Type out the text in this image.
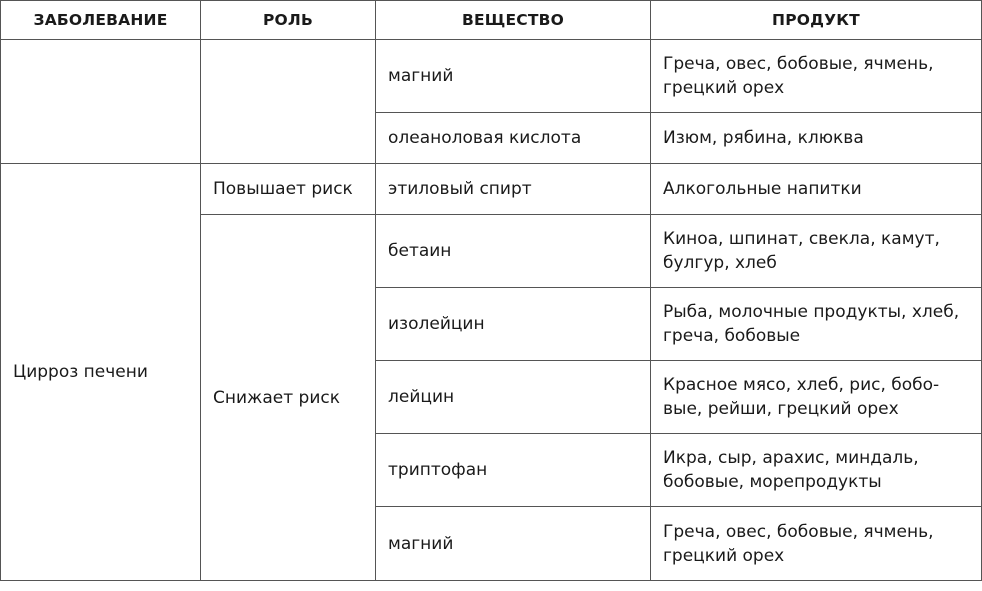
ЗАБОЛЕВАНИЕ	РОЛЬ	ВЕЩЕСТВО	ПРОДУКТ
		магний	Греча, овес, бобовые, ячмень, грецкий орех
		олеаноловая кислота	Изюм, рябина, клюква
Цирроз печени	Повышает риск	этиловый спирт	Алкогольные напитки
	Снижает риск	бетаин	Киноа, шпинат, свекла, камут, булгур, хлеб
		изолейцин	Рыба, молочные продукты, хлеб, греча, бобовые
		лейцин	Красное мясо, хлеб, рис, бобо-вые, рейши, грецкий орех
		триптофан	Икра, сыр, арахис, миндаль, бобовые, морепродукты
		магний	Греча, овес, бобовые, ячмень, грецкий орех
